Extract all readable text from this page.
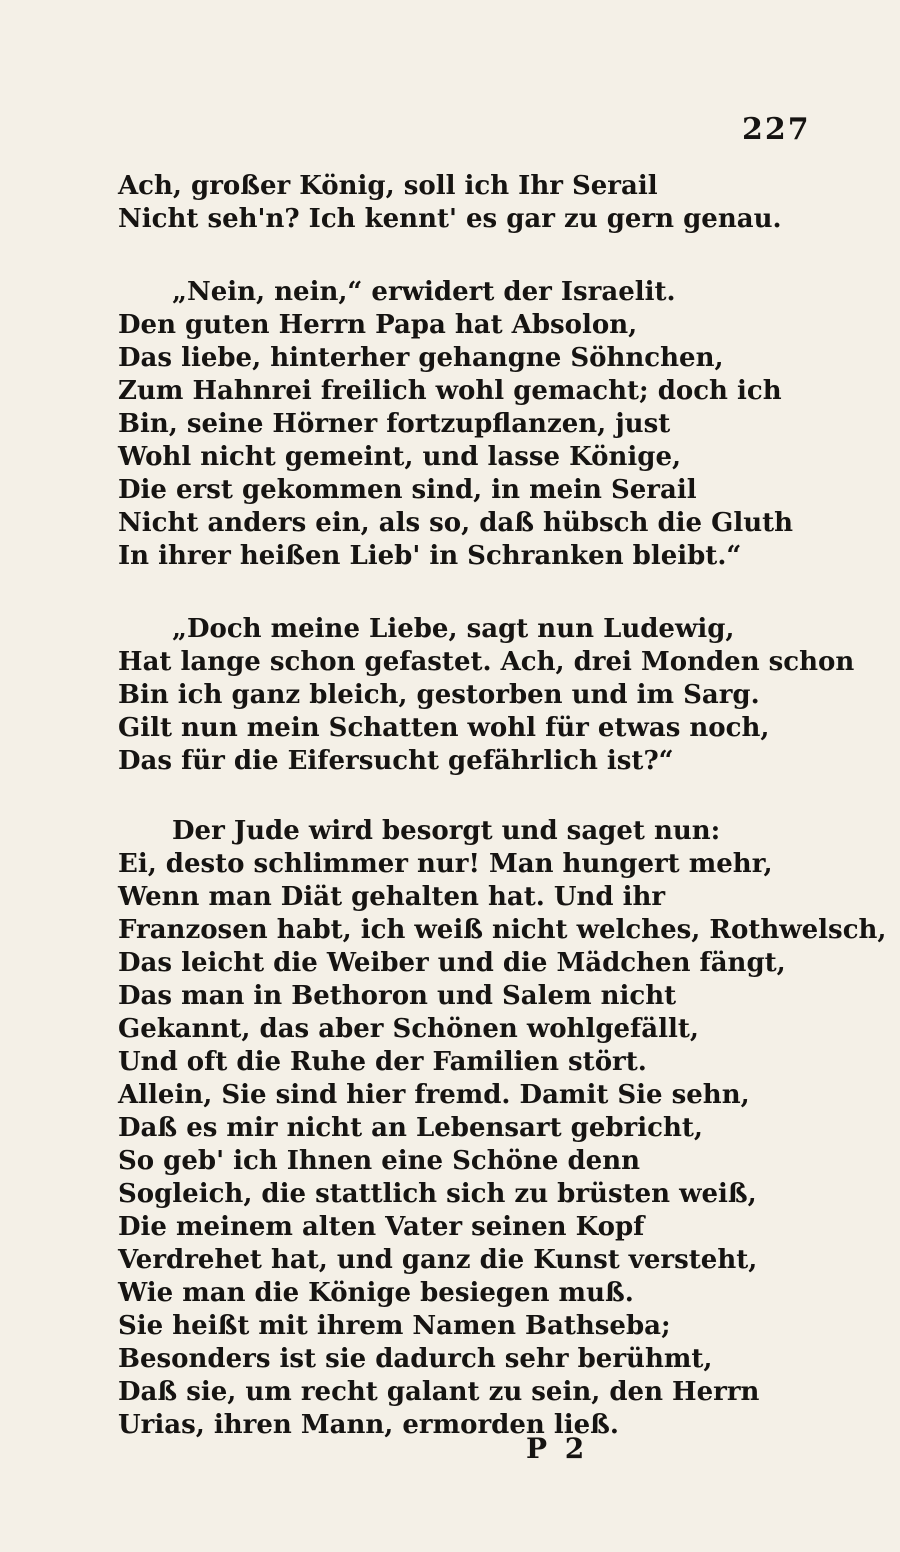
227
Ach, großer König, soll ich Ihr Serail
Nicht seh'n? Ich kennt' es gar zu gern genau.
„Nein, nein,“ erwidert der Israelit.
Den guten Herrn Papa hat Absolon,
Das liebe, hinterher gehangne Söhnchen,
Zum Hahnrei freilich wohl gemacht; doch ich
Bin, seine Hörner fortzupflanzen, just
Wohl nicht gemeint, und lasse Könige,
Die erst gekommen sind, in mein Serail
Nicht anders ein, als so, daß hübsch die Gluth
In ihrer heißen Lieb' in Schranken bleibt.“
„Doch meine Liebe, sagt nun Ludewig,
Hat lange schon gefastet. Ach, drei Monden schon
Bin ich ganz bleich, gestorben und im Sarg.
Gilt nun mein Schatten wohl für etwas noch,
Das für die Eifersucht gefährlich ist?“
Der Jude wird besorgt und saget nun:
Ei, desto schlimmer nur! Man hungert mehr,
Wenn man Diät gehalten hat. Und ihr
Franzosen habt, ich weiß nicht welches, Rothwelsch,
Das leicht die Weiber und die Mädchen fängt,
Das man in Bethoron und Salem nicht
Gekannt, das aber Schönen wohlgefällt,
Und oft die Ruhe der Familien stört.
Allein, Sie sind hier fremd. Damit Sie sehn,
Daß es mir nicht an Lebensart gebricht,
So geb' ich Ihnen eine Schöne denn
Sogleich, die stattlich sich zu brüsten weiß,
Die meinem alten Vater seinen Kopf
Verdrehet hat, und ganz die Kunst versteht,
Wie man die Könige besiegen muß.
Sie heißt mit ihrem Namen Bathseba;
Besonders ist sie dadurch sehr berühmt,
Daß sie, um recht galant zu sein, den Herrn
Urias, ihren Mann, ermorden ließ.
P 2
